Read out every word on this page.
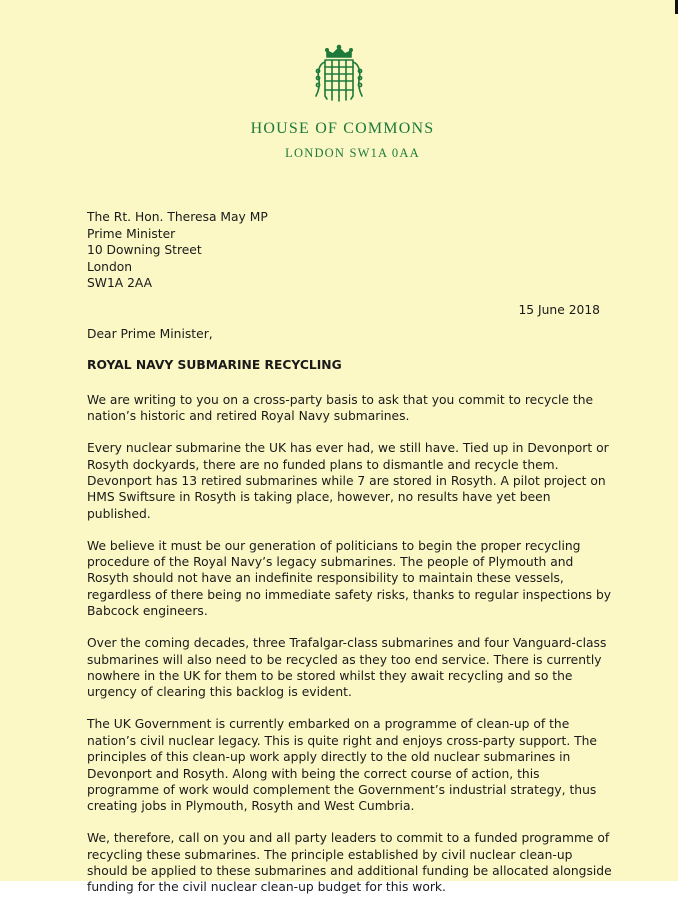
HOUSE OF COMMONS
LONDON SW1A 0AA
The Rt. Hon. Theresa May MP
Prime Minister
10 Downing Street
London
SW1A 2AA
15 June 2018

Dear Prime Minister,

ROYAL NAVY SUBMARINE RECYCLING

We are writing to you on a cross-party basis to ask that you commit to recycle the nation’s historic and retired Royal Navy submarines.

Every nuclear submarine the UK has ever had, we still have. Tied up in Devonport or Rosyth dockyards, there are no funded plans to dismantle and recycle them. Devonport has 13 retired submarines while 7 are stored in Rosyth. A pilot project on HMS Swiftsure in Rosyth is taking place, however, no results have yet been published.

We believe it must be our generation of politicians to begin the proper recycling procedure of the Royal Navy’s legacy submarines. The people of Plymouth and Rosyth should not have an indefinite responsibility to maintain these vessels, regardless of there being no immediate safety risks, thanks to regular inspections by Babcock engineers.

Over the coming decades, three Trafalgar-class submarines and four Vanguard-class submarines will also need to be recycled as they too end service. There is currently nowhere in the UK for them to be stored whilst they await recycling and so the urgency of clearing this backlog is evident.

The UK Government is currently embarked on a programme of clean-up of the nation’s civil nuclear legacy. This is quite right and enjoys cross-party support. The principles of this clean-up work apply directly to the old nuclear submarines in Devonport and Rosyth. Along with being the correct course of action, this programme of work would complement the Government’s industrial strategy, thus creating jobs in Plymouth, Rosyth and West Cumbria.

We, therefore, call on you and all party leaders to commit to a funded programme of recycling these submarines. The principle established by civil nuclear clean-up should be applied to these submarines and additional funding be allocated alongside funding for the civil nuclear clean-up budget for this work.
